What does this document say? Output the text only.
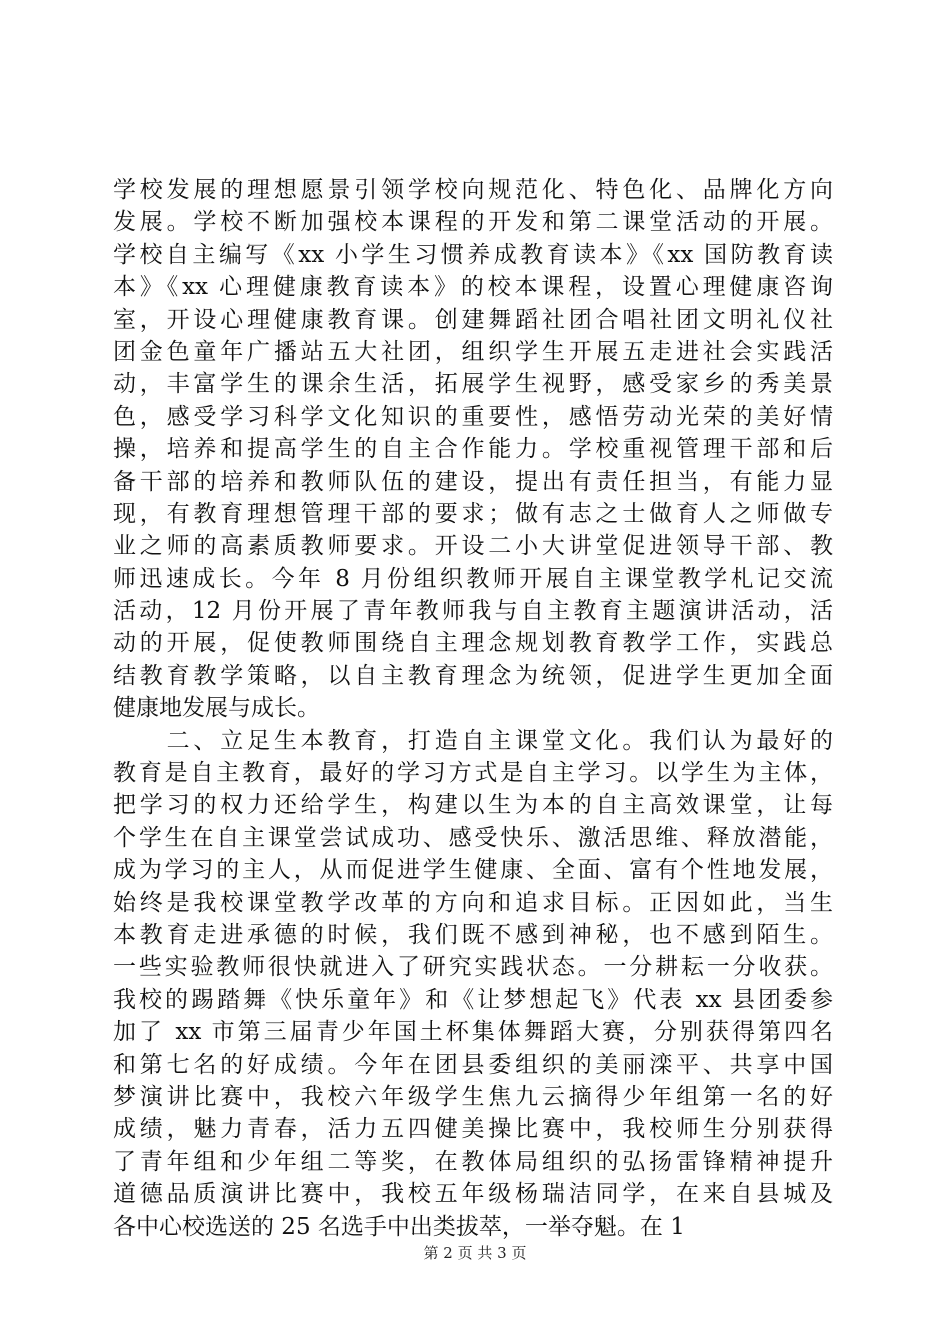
学校发展的理想愿景引领学校向规范化、特色化、品牌化方向
发展。学校不断加强校本课程的开发和第二课堂活动的开展。
学校自主编写《xx 小学生习惯养成教育读本》《xx 国防教育读
本》《xx 心理健康教育读本》的校本课程，设置心理健康咨询
室，开设心理健康教育课。创建舞蹈社团合唱社团文明礼仪社
团金色童年广播站五大社团，组织学生开展五走进社会实践活
动，丰富学生的课余生活，拓展学生视野，感受家乡的秀美景
色，感受学习科学文化知识的重要性，感悟劳动光荣的美好情
操，培养和提高学生的自主合作能力。学校重视管理干部和后
备干部的培养和教师队伍的建设，提出有责任担当，有能力显
现，有教育理想管理干部的要求；做有志之士做育人之师做专
业之师的高素质教师要求。开设二小大讲堂促进领导干部、教
师迅速成长。今年 8 月份组织教师开展自主课堂教学札记交流
活动，12 月份开展了青年教师我与自主教育主题演讲活动，活
动的开展，促使教师围绕自主理念规划教育教学工作，实践总
结教育教学策略，以自主教育理念为统领，促进学生更加全面
健康地发展与成长。
　　二、立足生本教育，打造自主课堂文化。我们认为最好的
教育是自主教育，最好的学习方式是自主学习。以学生为主体，
把学习的权力还给学生，构建以生为本的自主高效课堂，让每
个学生在自主课堂尝试成功、感受快乐、激活思维、释放潜能，
成为学习的主人，从而促进学生健康、全面、富有个性地发展，
始终是我校课堂教学改革的方向和追求目标。正因如此，当生
本教育走进承德的时候，我们既不感到神秘，也不感到陌生。
一些实验教师很快就进入了研究实践状态。一分耕耘一分收获。
我校的踢踏舞《快乐童年》和《让梦想起飞》代表 xx 县团委参
加了 xx 市第三届青少年国土杯集体舞蹈大赛，分别获得第四名
和第七名的好成绩。今年在团县委组织的美丽滦平、共享中国
梦演讲比赛中，我校六年级学生焦九云摘得少年组第一名的好
成绩，魅力青春，活力五四健美操比赛中，我校师生分别获得
了青年组和少年组二等奖，在教体局组织的弘扬雷锋精神提升
道德品质演讲比赛中，我校五年级杨瑞洁同学，在来自县城及
各中心校选送的 25 名选手中出类拔萃，一举夺魁。在 1
第 2 页 共 3 页
